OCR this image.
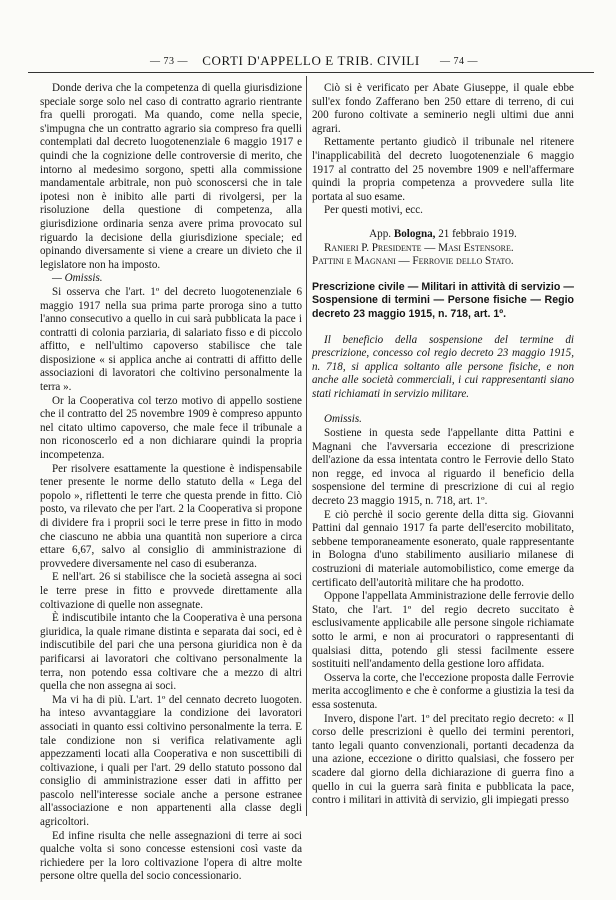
— 73 —	CORTI D'APPELLO E TRIB. CIVILI	— 74 —

Donde deriva che la competenza di quella giurisdizione speciale sorge solo nel caso di contratto agrario rientrante fra quelli prorogati. Ma quando, come nella specie, s'impugna che un contratto agrario sia compreso fra quelli contemplati dal decreto luogotenenziale 6 maggio 1917 e quindi che la cognizione delle controversie di merito, che intorno al medesimo sorgono, spetti alla commissione mandamentale arbitrale, non può sconoscersi che in tale ipotesi non è inibito alle parti di rivolgersi, per la risoluzione della questione di competenza, alla giurisdizione ordinaria senza avere prima provocato sul riguardo la decisione della giurisdizione speciale; ed opinando diversamente si viene a creare un divieto che il legislatore non ha imposto.

— Omissis.

Si osserva che l'art. 1º del decreto luogotenenziale 6 maggio 1917 nella sua prima parte proroga sino a tutto l'anno consecutivo a quello in cui sarà pubblicata la pace i contratti di colonia parziaria, di salariato fisso e di piccolo affitto, e nell'ultimo capoverso stabilisce che tale disposizione « si applica anche ai contratti di affitto delle associazioni di lavoratori che coltivino personalmente la terra ».

Or la Cooperativa col terzo motivo di appello sostiene che il contratto del 25 novembre 1909 è compreso appunto nel citato ultimo capoverso, che male fece il tribunale a non riconoscerlo ed a non dichiarare quindi la propria incompetenza.

Per risolvere esattamente la questione è indispensabile tener presente le norme dello statuto della « Lega del popolo », riflettenti le terre che questa prende in fitto. Ciò posto, va rilevato che per l'art. 2 la Cooperativa si propone di dividere fra i proprii soci le terre prese in fitto in modo che ciascuno ne abbia una quantità non superiore a circa ettare 6,67, salvo al consiglio di amministrazione di provvedere diversamente nel caso di esuberanza.

E nell'art. 26 si stabilisce che la società assegna ai soci le terre prese in fitto e provvede direttamente alla coltivazione di quelle non assegnate.

È indiscutibile intanto che la Cooperativa è una persona giuridica, la quale rimane distinta e separata dai soci, ed è indiscutibile del pari che una persona giuridica non è da parificarsi ai lavoratori che coltivano personalmente la terra, non potendo essa coltivare che a mezzo di altri quella che non assegna ai soci.

Ma vi ha di più. L'art. 1º del cennato decreto luogoten. ha inteso avvantaggiare la condizione dei lavoratori associati in quanto essi coltivino personalmente la terra. E tale condizione non si verifica relativamente agli appezzamenti locati alla Cooperativa e non suscettibili di coltivazione, i quali per l'art. 29 dello statuto possono dal consiglio di amministrazione esser dati in affitto per pascolo nell'interesse sociale anche a persone estranee all'associazione e non appartenenti alla classe degli agricoltori.

Ed infine risulta che nelle assegnazioni di terre ai soci qualche volta si sono concesse estensioni così vaste da richiedere per la loro coltivazione l'opera di altre molte persone oltre quella del socio concessionario.

Ciò si è verificato per Abate Giuseppe, il quale ebbe sull'ex fondo Zafferano ben 250 ettare di terreno, di cui 200 furono coltivate a seminerio negli ultimi due anni agrari.

Rettamente pertanto giudicò il tribunale nel ritenere l'inapplicabilità del decreto luogotenenziale 6 maggio 1917 al contratto del 25 novembre 1909 e nell'affermare quindi la propria competenza a provvedere sulla lite portata al suo esame.

Per questi motivi, ecc.

App. Bologna, 21 febbraio 1919.

Ranieri P. Presidente — Masi Estensore.

Pattini e Magnani — Ferrovie dello Stato.

Prescrizione civile — Militari in attività di servizio — Sospensione di termini — Persone fisiche — Regio decreto 23 maggio 1915, n. 718, art. 1º.

Il beneficio della sospensione del termine di prescrizione, concesso col regio decreto 23 maggio 1915, n. 718, si applica soltanto alle persone fisiche, e non anche alle società commerciali, i cui rappresentanti siano stati richiamati in servizio militare.

Omissis.

Sostiene in questa sede l'appellante ditta Pattini e Magnani che l'avversaria eccezione di prescrizione dell'azione da essa intentata contro le Ferrovie dello Stato non regge, ed invoca al riguardo il beneficio della sospensione del termine di prescrizione di cui al regio decreto 23 maggio 1915, n. 718, art. 1º.

E ciò perchè il socio gerente della ditta sig. Giovanni Pattini dal gennaio 1917 fa parte dell'esercito mobilitato, sebbene temporaneamente esonerato, quale rappresentante in Bologna d'uno stabilimento ausiliario milanese di costruzioni di materiale automobilistico, come emerge da certificato dell'autorità militare che ha prodotto.

Oppone l'appellata Amministrazione delle ferrovie dello Stato, che l'art. 1º del regio decreto succitato è esclusivamente applicabile alle persone singole richiamate sotto le armi, e non ai procuratori o rappresentanti di qualsiasi ditta, potendo gli stessi facilmente essere sostituiti nell'andamento della gestione loro affidata.

Osserva la corte, che l'eccezione proposta dalle Ferrovie merita accoglimento e che è conforme a giustizia la tesi da essa sostenuta.

Invero, dispone l'art. 1º del precitato regio decreto: « Il corso delle prescrizioni è quello dei termini perentori, tanto legali quanto convenzionali, portanti decadenza da una azione, eccezione o diritto qualsiasi, che fossero per scadere dal giorno della dichiarazione di guerra fino a quello in cui la guerra sarà finita e pubblicata la pace, contro i militari in attività di servizio, gli impiegati presso
